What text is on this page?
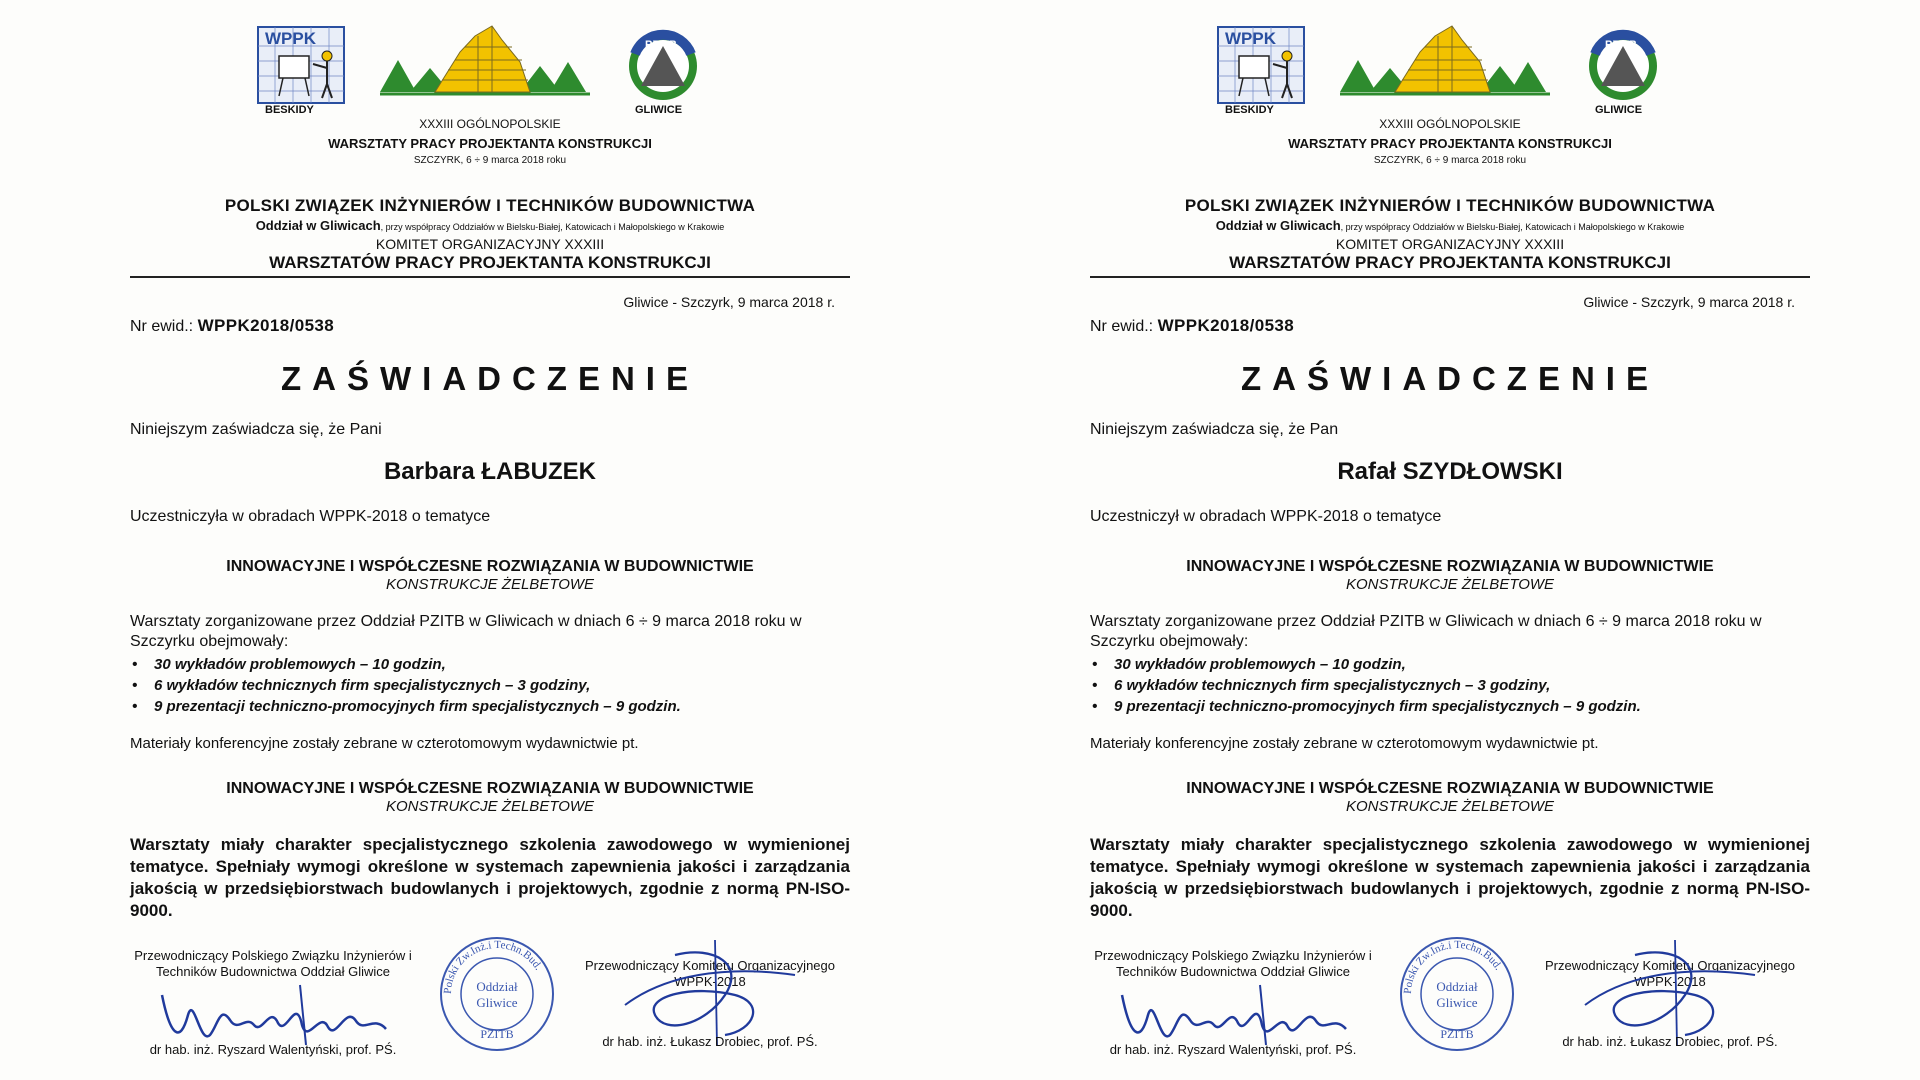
WPPK
BESKIDY
PZITB
GLIWICE
XXXIII OGÓLNOPOLSKIE
WARSZTATY PRACY PROJEKTANTA KONSTRUKCJI
SZCZYRK, 6 ÷ 9 marca 2018 roku
POLSKI ZWIĄZEK INŻYNIERÓW I TECHNIKÓW BUDOWNICTWA
Oddział w Gliwicach, przy współpracy Oddziałów w Bielsku-Białej, Katowicach i Małopolskiego w Krakowie
KOMITET ORGANIZACYJNY XXXIII
WARSZTATÓW PRACY PROJEKTANTA KONSTRUKCJI
Gliwice - Szczyrk, 9 marca 2018 r.
Nr ewid.: WPPK2018/0538
ZAŚWIADCZENIE
Niniejszym zaświadcza się, że Pani
Barbara ŁABUZEK
Uczestniczyła w obradach WPPK-2018 o tematyce
INNOWACYJNE I WSPÓŁCZESNE ROZWIĄZANIA W BUDOWNICTWIE
KONSTRUKCJE ŻELBETOWE
Warsztaty zorganizowane przez Oddział PZITB w Gliwicach w dniach 6 ÷ 9 marca 2018 roku w Szczyrku obejmowały:
• 30 wykładów problemowych – 10 godzin,
• 6 wykładów technicznych firm specjalistycznych – 3 godziny,
• 9 prezentacji techniczno-promocyjnych firm specjalistycznych – 9 godzin.
Materiały konferencyjne zostały zebrane w czterotomowym wydawnictwie pt.
INNOWACYJNE I WSPÓŁCZESNE ROZWIĄZANIA W BUDOWNICTWIE
KONSTRUKCJE ŻELBETOWE
Warsztaty miały charakter specjalistycznego szkolenia zawodowego w wymienionej tematyce. Spełniały wymogi określone w systemach zapewnienia jakości i zarządzania jakością w przedsiębiorstwach budowlanych i projektowych, zgodnie z normą PN-ISO-9000.
Przewodniczący Polskiego Związku Inżynierów i Techników Budownictwa Oddział Gliwice
dr hab. inż. Ryszard Walentyński, prof. PŚ.
Polski Zw.Inż.i Techn.Bud.
PZITB
Oddział
Gliwice
Przewodniczący Komitetu Organizacyjnego WPPK-2018
dr hab. inż. Łukasz Drobiec, prof. PŚ.
WPPK
BESKIDY
PZITB
GLIWICE
XXXIII OGÓLNOPOLSKIE
WARSZTATY PRACY PROJEKTANTA KONSTRUKCJI
SZCZYRK, 6 ÷ 9 marca 2018 roku
POLSKI ZWIĄZEK INŻYNIERÓW I TECHNIKÓW BUDOWNICTWA
Oddział w Gliwicach, przy współpracy Oddziałów w Bielsku-Białej, Katowicach i Małopolskiego w Krakowie
KOMITET ORGANIZACYJNY XXXIII
WARSZTATÓW PRACY PROJEKTANTA KONSTRUKCJI
Gliwice - Szczyrk, 9 marca 2018 r.
Nr ewid.: WPPK2018/0538
ZAŚWIADCZENIE
Niniejszym zaświadcza się, że Pan
Rafał SZYDŁOWSKI
Uczestniczył w obradach WPPK-2018 o tematyce
INNOWACYJNE I WSPÓŁCZESNE ROZWIĄZANIA W BUDOWNICTWIE
KONSTRUKCJE ŻELBETOWE
Warsztaty zorganizowane przez Oddział PZITB w Gliwicach w dniach 6 ÷ 9 marca 2018 roku w Szczyrku obejmowały:
• 30 wykładów problemowych – 10 godzin,
• 6 wykładów technicznych firm specjalistycznych – 3 godziny,
• 9 prezentacji techniczno-promocyjnych firm specjalistycznych – 9 godzin.
Materiały konferencyjne zostały zebrane w czterotomowym wydawnictwie pt.
INNOWACYJNE I WSPÓŁCZESNE ROZWIĄZANIA W BUDOWNICTWIE
KONSTRUKCJE ŻELBETOWE
Warsztaty miały charakter specjalistycznego szkolenia zawodowego w wymienionej tematyce. Spełniały wymogi określone w systemach zapewnienia jakości i zarządzania jakością w przedsiębiorstwach budowlanych i projektowych, zgodnie z normą PN-ISO-9000.
Przewodniczący Polskiego Związku Inżynierów i Techników Budownictwa Oddział Gliwice
dr hab. inż. Ryszard Walentyński, prof. PŚ.
Polski Zw.Inż.i Techn.Bud.
PZITB
Oddział
Gliwice
Przewodniczący Komitetu Organizacyjnego WPPK-2018
dr hab. inż. Łukasz Drobiec, prof. PŚ.
